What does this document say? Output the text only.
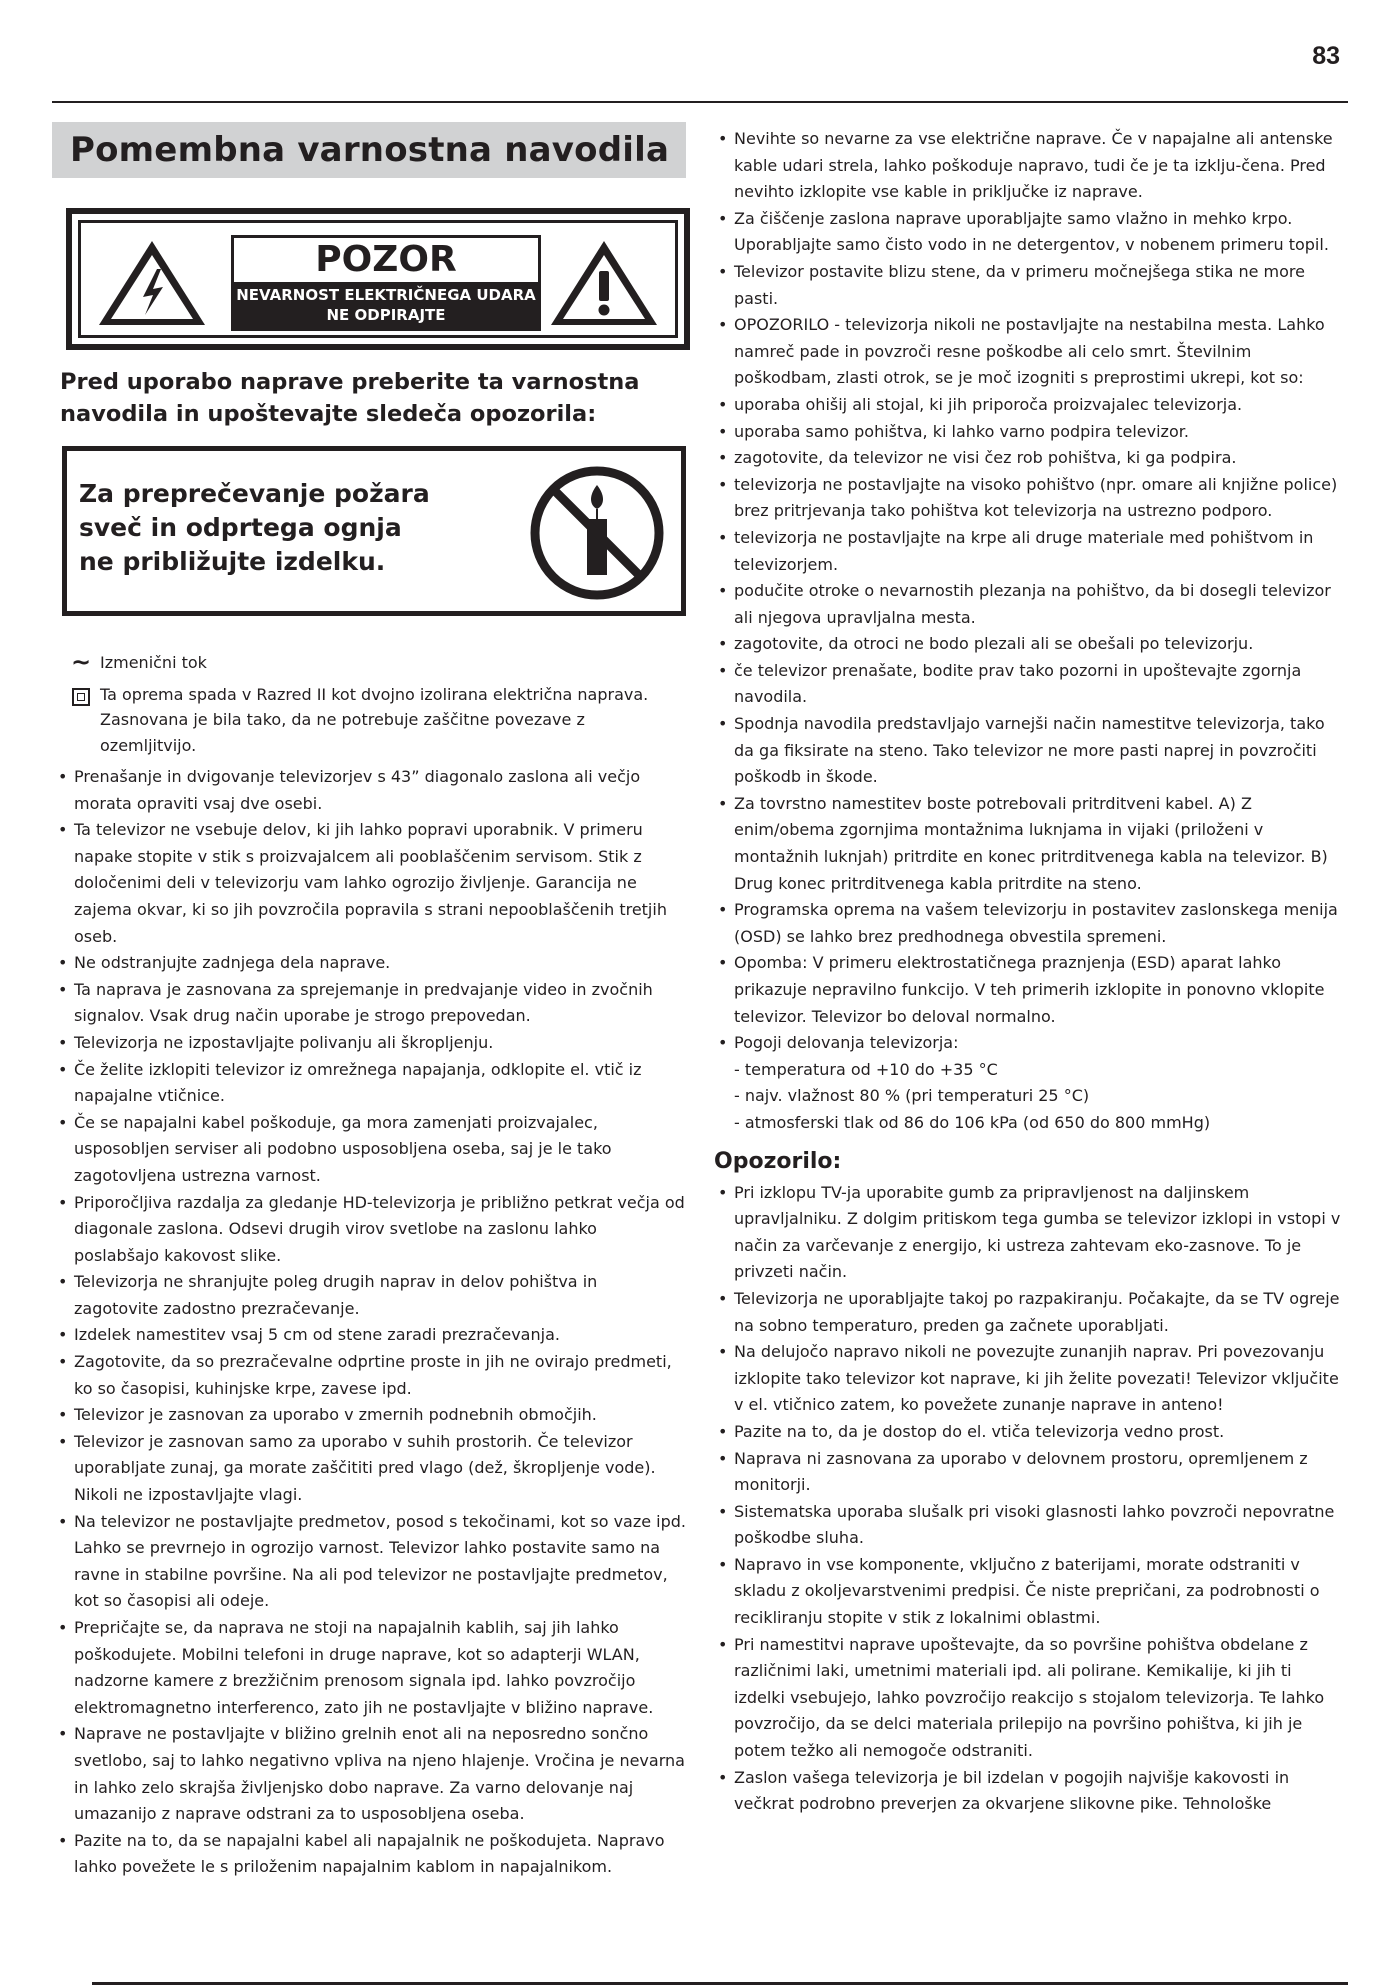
83
Pomembna varnostna navodila
POZOR
NEVARNOST ELEKTRIČNEGA UDARA
NE ODPIRAJTE
Pred uporabo naprave preberite ta varnostna
navodila in upoštevajte sledeča opozorila:
Za preprečevanje požara
sveč in odprtega ognja
ne približujte izdelku.
~ Izmenični tok
Ta oprema spada v Razred II kot dvojno izolirana električna naprava. Zasnovana je bila tako, da ne potrebuje zaščitne povezave z ozemljitvijo.
• Prenašanje in dvigovanje televizorjev s 43” diagonalo zaslona ali večjo morata opraviti vsaj dve osebi.
• Ta televizor ne vsebuje delov, ki jih lahko popravi uporabnik. V primeru napake stopite v stik s proizvajalcem ali pooblaščenim servisom. Stik z določenimi deli v televizorju vam lahko ogrozijo življenje. Garancija ne zajema okvar, ki so jih povzročila popravila s strani nepooblaščenih tretjih oseb.
• Ne odstranjujte zadnjega dela naprave.
• Ta naprava je zasnovana za sprejemanje in predvajanje video in zvočnih signalov. Vsak drug način uporabe je strogo prepovedan.
• Televizorja ne izpostavljajte polivanju ali škropljenju.
• Če želite izklopiti televizor iz omrežnega napajanja, odklopite el. vtič iz napajalne vtičnice.
• Če se napajalni kabel poškoduje, ga mora zamenjati proizvajalec, usposobljen serviser ali podobno usposobljena oseba, saj je le tako zagotovljena ustrezna varnost.
• Priporočljiva razdalja za gledanje HD-televizorja je približno petkrat večja od diagonale zaslona. Odsevi drugih virov svetlobe na zaslonu lahko poslabšajo kakovost slike.
• Televizorja ne shranjujte poleg drugih naprav in delov pohištva in zagotovite zadostno prezračevanje.
• Izdelek namestitev vsaj 5 cm od stene zaradi prezračevanja.
• Zagotovite, da so prezračevalne odprtine proste in jih ne ovirajo predmeti, ko so časopisi, kuhinjske krpe, zavese ipd.
• Televizor je zasnovan za uporabo v zmernih podnebnih območjih.
• Televizor je zasnovan samo za uporabo v suhih prostorih. Če televizor uporabljate zunaj, ga morate zaščititi pred vlago (dež, škropljenje vode). Nikoli ne izpostavljajte vlagi.
• Na televizor ne postavljajte predmetov, posod s tekočinami, kot so vaze ipd. Lahko se prevrnejo in ogrozijo varnost. Televizor lahko postavite samo na ravne in stabilne površine. Na ali pod televizor ne postavljajte predmetov, kot so časopisi ali odeje.
• Prepričajte se, da naprava ne stoji na napajalnih kablih, saj jih lahko poškodujete. Mobilni telefoni in druge naprave, kot so adapterji WLAN, nadzorne kamere z brezžičnim prenosom signala ipd. lahko povzročijo elektromagnetno interferenco, zato jih ne postavljajte v bližino naprave.
• Naprave ne postavljajte v bližino grelnih enot ali na neposredno sončno svetlobo, saj to lahko negativno vpliva na njeno hlajenje. Vročina je nevarna in lahko zelo skrajša življenjsko dobo naprave. Za varno delovanje naj umazanijo z naprave odstrani za to usposobljena oseba.
• Pazite na to, da se napajalni kabel ali napajalnik ne poškodujeta. Napravo lahko povežete le s priloženim napajalnim kablom in napajalnikom.
• Nevihte so nevarne za vse električne naprave. Če v napajalne ali antenske kable udari strela, lahko poškoduje napravo, tudi če je ta izklju-čena. Pred nevihto izklopite vse kable in priključke iz naprave.
• Za čiščenje zaslona naprave uporabljajte samo vlažno in mehko krpo. Uporabljajte samo čisto vodo in ne detergentov, v nobenem primeru topil.
• Televizor postavite blizu stene, da v primeru močnejšega stika ne more pasti.
• OPOZORILO - televizorja nikoli ne postavljajte na nestabilna mesta. Lahko namreč pade in povzroči resne poškodbe ali celo smrt. Številnim poškodbam, zlasti otrok, se je moč izogniti s preprostimi ukrepi, kot so:
• uporaba ohišij ali stojal, ki jih priporoča proizvajalec televizorja.
• uporaba samo pohištva, ki lahko varno podpira televizor.
• zagotovite, da televizor ne visi čez rob pohištva, ki ga podpira.
• televizorja ne postavljajte na visoko pohištvo (npr. omare ali knjižne police) brez pritrjevanja tako pohištva kot televizorja na ustrezno podporo.
• televizorja ne postavljajte na krpe ali druge materiale med pohištvom in televizorjem.
• podučite otroke o nevarnostih plezanja na pohištvo, da bi dosegli televizor ali njegova upravljalna mesta.
• zagotovite, da otroci ne bodo plezali ali se obešali po televizorju.
• če televizor prenašate, bodite prav tako pozorni in upoštevajte zgornja navodila.
• Spodnja navodila predstavljajo varnejši način namestitve televizorja, tako da ga fiksirate na steno. Tako televizor ne more pasti naprej in povzročiti poškodb in škode.
• Za tovrstno namestitev boste potrebovali pritrditveni kabel. A) Z enim/obema zgornjima montažnima luknjama in vijaki (priloženi v montažnih luknjah) pritrdite en konec pritrditvenega kabla na televizor. B) Drug konec pritrditvenega kabla pritrdite na steno.
• Programska oprema na vašem televizorju in postavitev zaslonskega menija (OSD) se lahko brez predhodnega obvestila spremeni.
• Opomba: V primeru elektrostatičnega praznjenja (ESD) aparat lahko prikazuje nepravilno funkcijo. V teh primerih izklopite in ponovno vklopite televizor. Televizor bo deloval normalno.
• Pogoji delovanja televizorja:
- temperatura od +10 do +35 °C
- najv. vlažnost 80 % (pri temperaturi 25 °C)
- atmosferski tlak od 86 do 106 kPa (od 650 do 800 mmHg)
Opozorilo:
• Pri izklopu TV-ja uporabite gumb za pripravljenost na daljinskem upravljalniku. Z dolgim pritiskom tega gumba se televizor izklopi in vstopi v način za varčevanje z energijo, ki ustreza zahtevam eko-zasnove. To je privzeti način.
• Televizorja ne uporabljajte takoj po razpakiranju. Počakajte, da se TV ogreje na sobno temperaturo, preden ga začnete uporabljati.
• Na delujočo napravo nikoli ne povezujte zunanjih naprav. Pri povezovanju izklopite tako televizor kot naprave, ki jih želite povezati! Televizor vključite v el. vtičnico zatem, ko povežete zunanje naprave in anteno!
• Pazite na to, da je dostop do el. vtiča televizorja vedno prost.
• Naprava ni zasnovana za uporabo v delovnem prostoru, opremljenem z monitorji.
• Sistematska uporaba slušalk pri visoki glasnosti lahko povzroči nepovratne poškodbe sluha.
• Napravo in vse komponente, vključno z baterijami, morate odstraniti v skladu z okoljevarstvenimi predpisi. Če niste prepričani, za podrobnosti o recikliranju stopite v stik z lokalnimi oblastmi.
• Pri namestitvi naprave upoštevajte, da so površine pohištva obdelane z različnimi laki, umetnimi materiali ipd. ali polirane. Kemikalije, ki jih ti izdelki vsebujejo, lahko povzročijo reakcijo s stojalom televizorja. Te lahko povzročijo, da se delci materiala prilepijo na površino pohištva, ki jih je potem težko ali nemogoče odstraniti.
• Zaslon vašega televizorja je bil izdelan v pogojih najvišje kakovosti in večkrat podrobno preverjen za okvarjene slikovne pike. Tehnološke
